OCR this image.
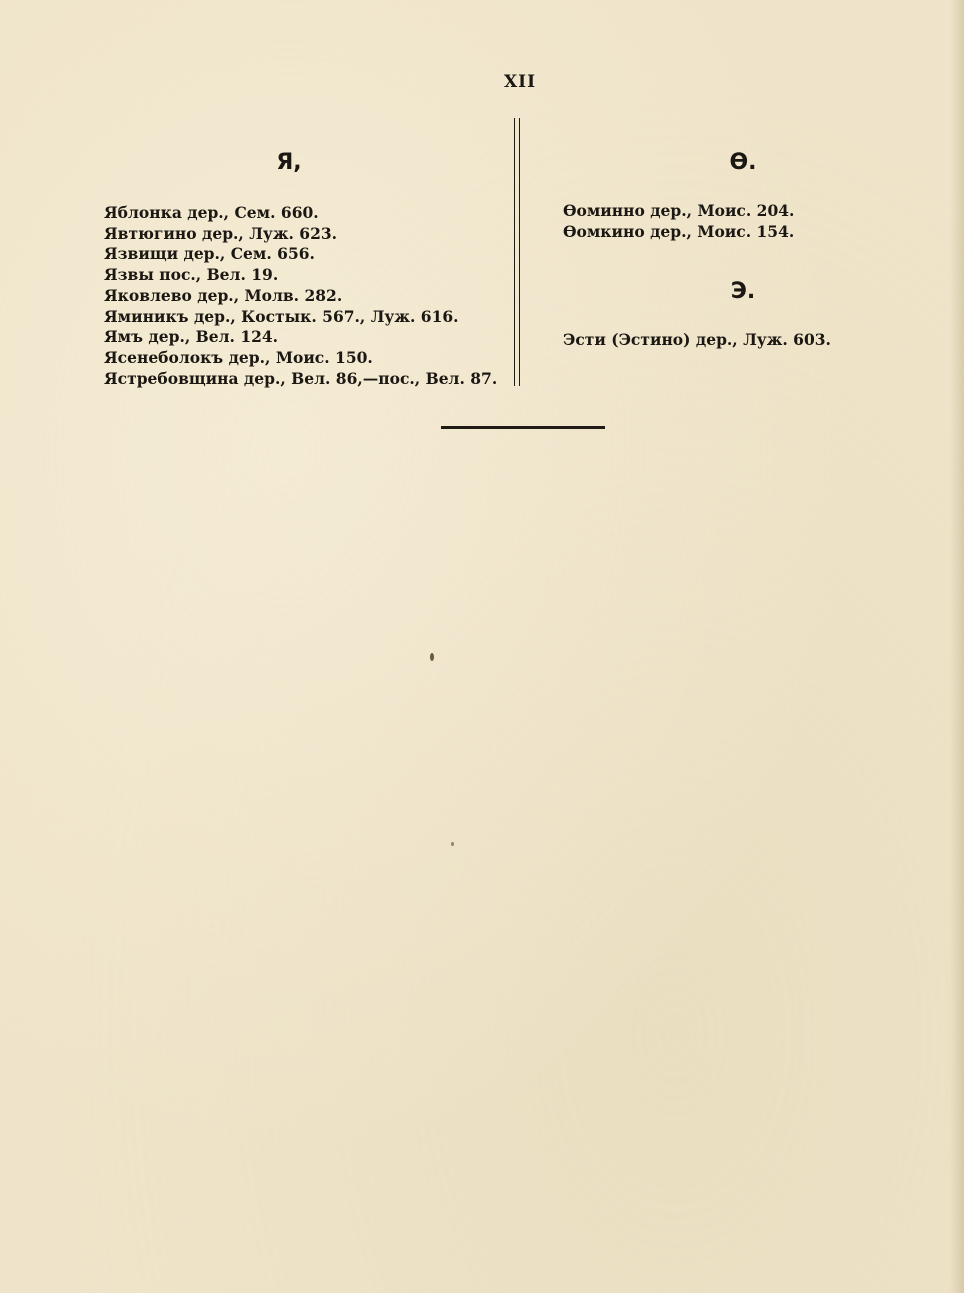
XII
Я,
Яблонка дер., Сем. 660.
Явтюгино дер., Луж. 623.
Язвищи дер., Сем. 656.
Язвы пос., Вел. 19.
Яковлево дер., Молв. 282.
Яминикъ дер., Костык. 567., Луж. 616.
Ямъ дер., Вел. 124.
Ясенеболокъ дер., Моис. 150.
Ястребовщина дер., Вел. 86,—пос., Вел. 87.
Ѳ.
Ѳоминно дер., Моис. 204.
Ѳомкино дер., Моис. 154.
Э.
Эсти (Эстино) дер., Луж. 603.
